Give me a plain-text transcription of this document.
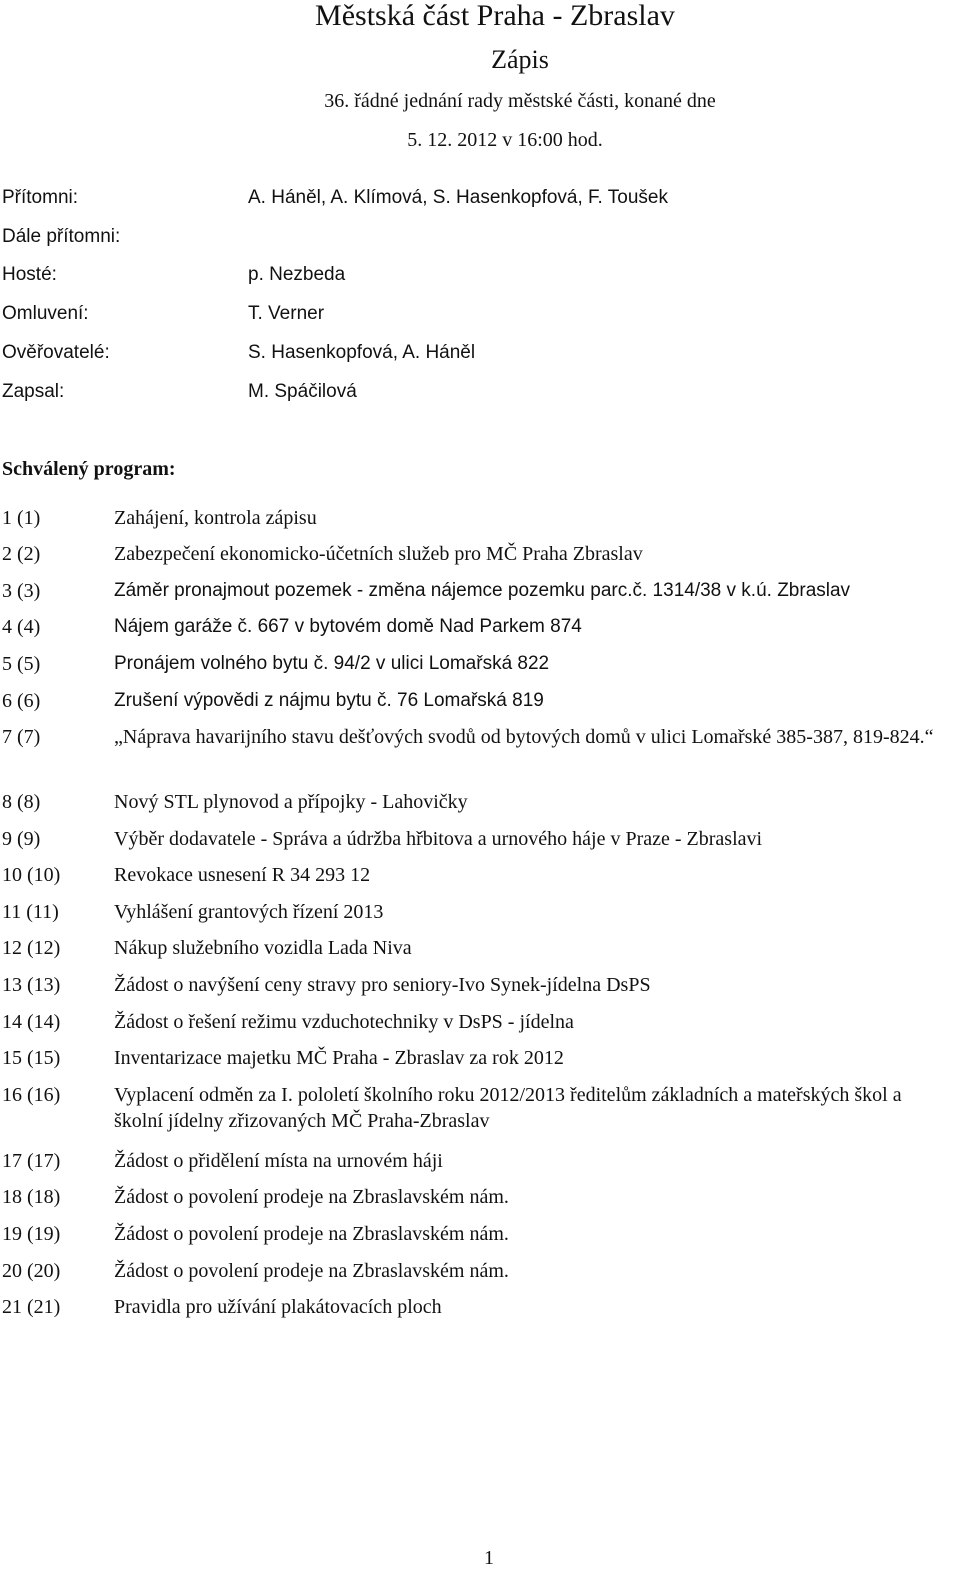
Městská část Praha - Zbraslav
Zápis
36. řádné jednání rady městské části, konané dne
5. 12. 2012 v 16:00 hod.
Přítomni:	A. Háněl, A. Klímová, S. Hasenkopfová, F. Toušek
Dále přítomni:
Hosté:	p. Nezbeda
Omluvení:	T. Verner
Ověřovatelé:	S. Hasenkopfová, A. Háněl
Zapsal:	M. Spáčilová
Schválený program:
1 (1)	Zahájení, kontrola zápisu
2 (2)	Zabezpečení ekonomicko-účetních služeb pro MČ Praha Zbraslav
3 (3)	Záměr pronajmout pozemek - změna nájemce pozemku parc.č. 1314/38 v k.ú. Zbraslav
4 (4)	Nájem garáže č. 667 v bytovém domě Nad Parkem 874
5 (5)	Pronájem volného bytu č. 94/2 v ulici Lomařská 822
6 (6)	Zrušení výpovědi z nájmu bytu č. 76 Lomařská 819
7 (7)	„Náprava havarijního stavu dešťových svodů od bytových domů v ulici Lomařské 385-387, 819-824.“
8 (8)	Nový STL plynovod a přípojky - Lahovičky
9 (9)	Výběr dodavatele - Správa a údržba hřbitova a urnového háje v Praze - Zbraslavi
10 (10)	Revokace usnesení R 34 293 12
11 (11)	Vyhlášení grantových řízení 2013
12 (12)	Nákup služebního vozidla Lada Niva
13 (13)	Žádost o navýšení ceny stravy pro seniory-Ivo Synek-jídelna DsPS
14 (14)	Žádost o řešení režimu vzduchotechniky v DsPS - jídelna
15 (15)	Inventarizace majetku MČ Praha - Zbraslav za rok 2012
16 (16)	Vyplacení odměn za I. pololetí školního roku 2012/2013 ředitelům základních a mateřských škol a školní jídelny zřizovaných MČ Praha-Zbraslav
17 (17)	Žádost o přidělení místa na urnovém háji
18 (18)	Žádost o povolení prodeje na Zbraslavském nám.
19 (19)	Žádost o povolení prodeje na Zbraslavském nám.
20 (20)	Žádost o povolení prodeje na Zbraslavském nám.
21 (21)	Pravidla pro užívání plakátovacích ploch
1
